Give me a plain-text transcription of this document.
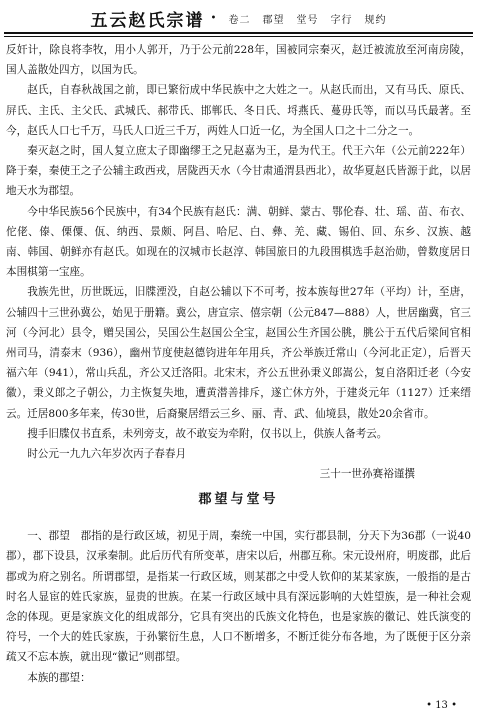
五云赵氏宗谱 • 卷二 郡望 堂号 字行 规约

反奸计，除良将李牧，用小人郭开，乃于公元前228年，国被同宗秦灭，赵迁被流放至河南房陵，国人盖散处四方，以国为氏。

赵氏，自春秋战国之前，即已繁衍成中华民族中之大姓之一。从赵氏而出，又有马氏、原氏、屏氏、主氏、主父氏、武城氏、郝带氏、邯郸氏、冬日氏、埒燕氏、蔓毋氏等，而以马氏最著。至今，赵氏人口七千万，马氏人口近三千万，两姓人口近一亿，为全国人口之十二分之一。

秦灭赵之时，国人复立庶太子即幽缪王之兄赵嘉为王，是为代王。代王六年（公元前222年）降于秦，秦使王之子公辅主政西戎，居陇西天水（今甘肃通渭县西北），故华夏赵氏皆源于此，以居地天水为郡望。

今中华民族56个民族中，有34个民族有赵氏：满、朝鲜、蒙古、鄂伦春、壮、瑶、苗、布衣、佗佬、傣、傈僳、佤、纳西、景颇、阿昌、哈尼、白、彝、羌、藏、锡伯、回、东乡、汉族、越南、韩国、朝鲜亦有赵氏。如现在的汉城市长赵淳、韩国旅日的九段围棋选手赵治勋，曾数度居日本围棋第一宝座。

我族先世，历世既远，旧牒湮没，自赵公辅以下不可考，按本族每世27年（平均）计，至唐，公辅四十三世孙冀公，始见于册籍。冀公，唐宣宗、僖宗朝（公元847—888）人，世居幽冀，官三河（今河北）县令，赠吴国公，吴国公生赵国公全宝，赵国公生齐国公朓，朓公于五代后梁间官相州司马，清泰末（936），幽州节度使赵德钧进年年用兵，齐公举族迁常山（今河北正定），后晋天福六年（941），常山兵乱，齐公又迁洛阳。北宋末，齐公五世孙秉义郎嵩公，复自洛阳迁老（今安徽），秉义郎之子朝公，力主恢复失地，遭黄潜善排斥，遂亡休方外，于建炎元年（1127）迁来缙云。迁居800多年来，传30世，后裔聚居缙云三乡、丽、青、武、仙境县，散处20余省市。

搜手旧牒仅书直系，未列旁支，故不敢妄为牵附，仅书以上，供族人备考云。

时公元一九九六年岁次丙子春春月

三十一世孙赛裕谨撰

郡望与堂号

一、郡望　郡指的是行政区域，初见于周，秦统一中国，实行郡县制，分天下为36郡（一说40郡），郡下设县，汉承秦制。此后历代有所变革，唐宋以后，州郡互称。宋元设州府，明废郡，此后郡或为府之别名。所谓郡望，是指某一行政区域，则某郡之中受人钦仰的某某家族，一般指的是古时名人显宦的姓氏家族，显贵的世族。在某一行政区域中具有深远影响的大姓望族，是一种社会观念的体现。更是家族文化的组成部分，它具有突出的氏族文化特色，也是家族的徽记、姓氏演变的符号，一个大的姓氏家族，于孙繁衍生息，人口不断增多，不断迁徙分布各地，为了既便于区分亲疏又不忘本族，就出现“徽记”则郡望。

本族的郡望：

• 13 •
